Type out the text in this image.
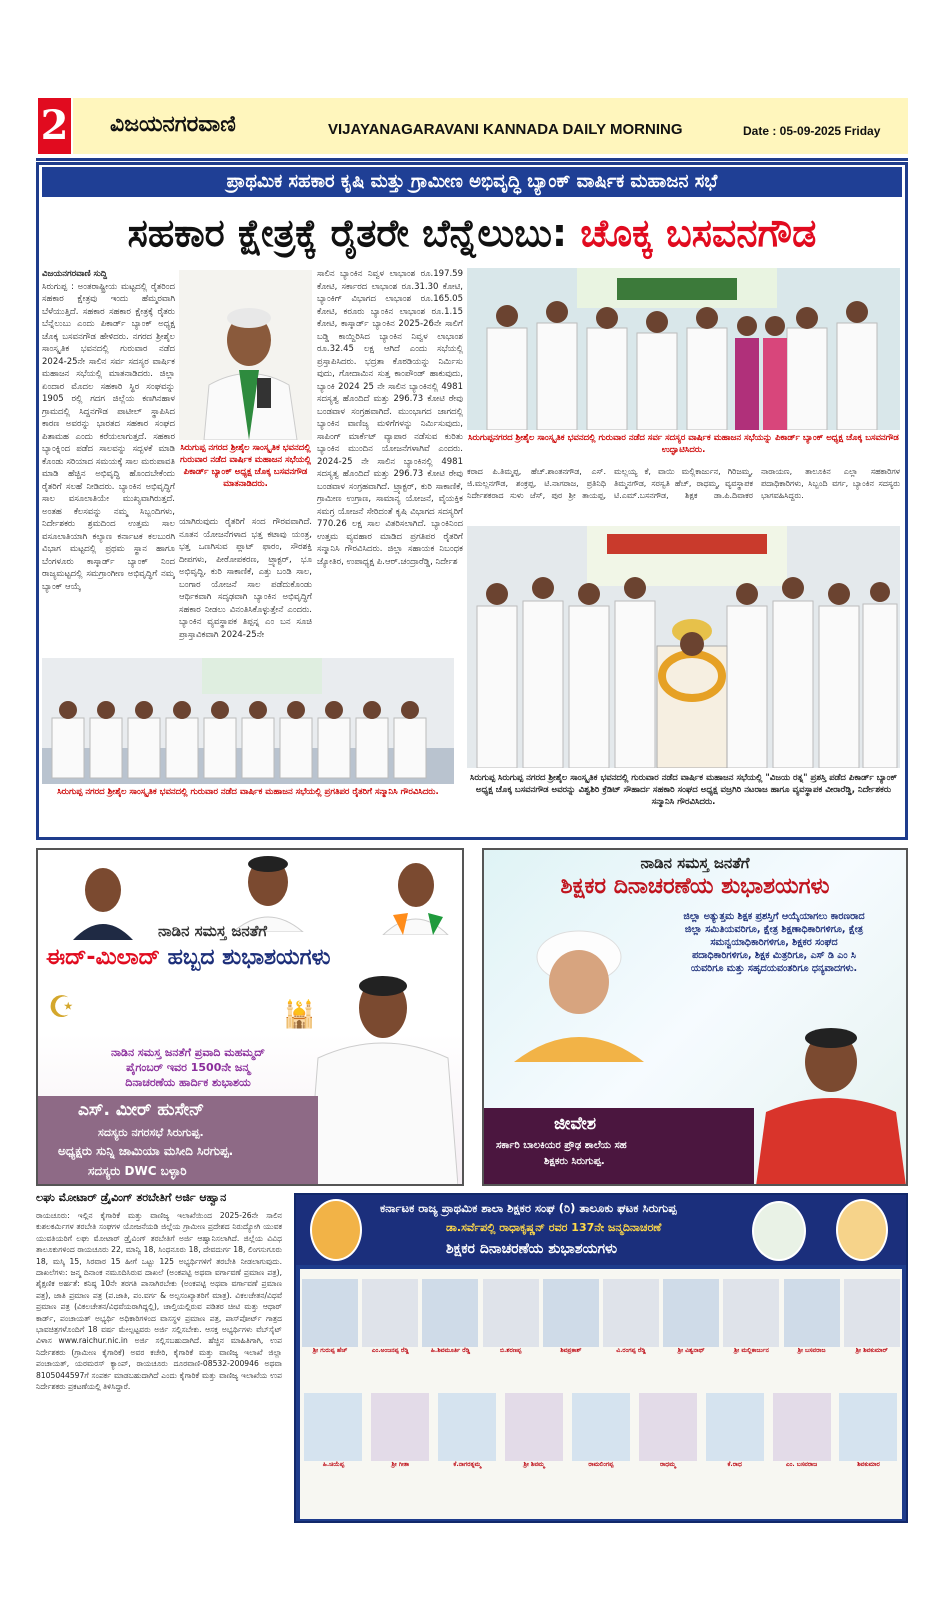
2 ವಿಜಯನಗರವಾಣಿ	VIJAYANAGARAVANI KANNADA DAILY MORNING	Date : 05-09-2025 Friday
ಪ್ರಾಥಮಿಕ ಸಹಕಾರ ಕೃಷಿ ಮತ್ತು ಗ್ರಾಮೀಣ ಅಭಿವೃದ್ಧಿ ಬ್ಯಾಂಕ್ ವಾರ್ಷಿಕ ಮಹಾಜನ ಸಭೆ
ಸಹಕಾರ ಕ್ಷೇತ್ರಕ್ಕೆ ರೈತರೇ ಬೆನ್ನೆಲುಬು: ಚೊಕ್ಕ ಬಸವನಗೌಡ

ವಿಜಯನಗರವಾಣಿ ಸುದ್ದಿ

ಸಿರುಗುಪ್ಪ : ಅಂತರಾಷ್ಟ್ರೀಯ ಮಟ್ಟದಲ್ಲಿ ರೈತರಿಂದ ಸಹಕಾರ ಕ್ಷೇತ್ರವು ಇಂದು ಹೆಮ್ಮರವಾಗಿ ಬೆಳೆಯುತ್ತಿದೆ. ಸಹಕಾರ ಸಹಕಾರ ಕ್ಷೇತ್ರಕ್ಕೆ ರೈತರು ಬೆನ್ನೆಲುಬು ಎಂದು ಪಿಕಾರ್ಡ್ ಬ್ಯಾಂಕ್ ಅಧ್ಯಕ್ಷ ಚೊಕ್ಕ ಬಸವನಗೌಡ ಹೇಳಿದರು. ನಗರದ ಶ್ರೀಶೈಲ ಸಾಂಸ್ಕೃತಿಕ ಭವನದಲ್ಲಿ ಗುರುವಾರ ನಡೆದ 2024-25ನೇ ಸಾಲಿನ ಸರ್ವ ಸದಸ್ಯರ ವಾರ್ಷಿಕ ಮಹಾಜನ ಸಭೆಯಲ್ಲಿ ಮಾತನಾಡಿದರು. ಜಿಲ್ಲಾ ಏಂದಾರ ಮೊದಲ ಸಹಕಾರಿ ಸ್ಥಿರ ಸಂಘವನ್ನು 1905 ರಲ್ಲಿ ಗದಗ ಜಿಲ್ಲೆಯ ಕಣಗಿನಹಾಳ ಗ್ರಾಮದಲ್ಲಿ ಸಿದ್ದನಗೌಡ ಪಾಟೀಲ್ ಸ್ಥಾಪಿಸಿದ ಕಾರಣ ಅವರನ್ನು ಭಾರತದ ಸಹಕಾರ ಸಂಘದ ಪಿತಾಮಹ ಎಂದು ಕರೆಯಲಾಗುತ್ತದೆ. ಸಹಕಾರ ಬ್ಯಾಂಕ್ನಿಂದ ಪಡೆದ ಸಾಲವನ್ನು ಸದ್ಬಳಕೆ ಮಾಡಿ ಕೊಂಡು ಸರಿಯಾದ ಸಮಯಕ್ಕೆ ಸಾಲ ಮರುಪಾವತಿ ಮಾಡಿ ಹೆಚ್ಚಿನ ಅಭಿವೃದ್ಧಿ ಹೊಂದಬೇಕೆಂದು ರೈತರಿಗೆ ಸಲಹೆ ನೀಡಿದರು. ಬ್ಯಾಂಕಿನ ಅಭಿವೃದ್ಧಿಗೆ ಸಾಲ ವಸೂಲಾತಿಯೇ ಮುಖ್ಯವಾಗಿರುತ್ತದೆ. ಅಂತಹ ಕೆಲಸವನ್ನು ನಮ್ಮ ಸಿಬ್ಬಂದಿಗಳು, ನಿರ್ದೇಶಕರು ಶ್ರಮದಿಂದ ಉತ್ತಮ ಸಾಲ ವಸೂಲಾತಿಯಾಗಿ ಕಲ್ಯಾಣ ಕರ್ನಾಟಕ ಕಲಬುರಗಿ ವಿಭಾಗ ಮಟ್ಟದಲ್ಲಿ ಪ್ರಥಮ ಸ್ಥಾನ ಹಾಗೂ ಬೆಂಗಳೂರು ಕಾಸ್ಕಾರ್ಡ್ ಬ್ಯಾಂಕ್ ನಿಂದ ರಾಜ್ಯಮಟ್ಟದಲ್ಲಿ ಸಮಗ್ರಾಂಗೀಣ ಅಭಿವೃದ್ಧಿಗೆ ನಮ್ಮ ಬ್ಯಾಂಕ್ ಆಯ್ಕೆ

ಸಿರುಗುಪ್ಪ ನಗರದ ಶ್ರೀಶೈಲ ಸಾಂಸ್ಕೃತಿಕ ಭವನದಲ್ಲಿ ಗುರುವಾರ ನಡೆದ ವಾರ್ಷಿಕ ಮಹಾಜನ ಸಭೆಯಲ್ಲಿ ಪಿಕಾರ್ಡ್ ಬ್ಯಾಂಕ್ ಅಧ್ಯಕ್ಷ ಚೊಕ್ಕ ಬಸವನಗೌಡ ಮಾತನಾಡಿದರು.
ಯಾಗಿರುವುದು ರೈತರಿಗೆ ಸಂದ ಗೌರವವಾಗಿದೆ. ನೂತನ ಯೋಜನೆಗಳಾದ ಭತ್ತ ಕಟಾವು ಯಂತ್ರ, ಭತ್ತ ಒಣಗಿಸುವ ಪ್ಲಾಟ್ ಫಾರಂ, ಸೌರಶಕ್ತಿ ದೀಪಗಳು, ಪೀಠೋಪಕರಣ, ಟ್ರ್ಯಾಕ್ಟರ್, ಭೂ ಅಭಿವೃದ್ಧಿ, ಕುರಿ ಸಾಕಾಣಿಕೆ, ಎತ್ತು ಬಂಡಿ ಸಾಲ, ಬಂಗಾರ ಯೋಜನೆ ಸಾಲ ಪಡೆದುಕೊಂಡು ಆರ್ಥಿಕವಾಗಿ ಸದೃಢವಾಗಿ ಬ್ಯಾಂಕಿನ ಅಭಿವೃದ್ಧಿಗೆ ಸಹಕಾರ ನೀಡಲು ವಿನಂತಿಸಿಕೊಳ್ಳುತ್ತೇನೆ ಎಂದರು. ಬ್ಯಾಂಕಿನ ವ್ಯವಸ್ಥಾಪಕ ತಿಪ್ಪನ್ನ ಎಂ ಬನ ಸೂಚಿ ಪ್ರಾಸ್ತಾವಿಕವಾಗಿ 2024-25ನೇ
ಸಾಲಿನ ಬ್ಯಾಂಕಿನ ನಿವ್ವಳ ಲಾಭಾಂಶ ರೂ.197.59 ಕೋಟಿ, ಸರ್ಕಾರದ ಲಾಭಾಂಶ ರೂ.31.30 ಕೋಟಿ, ಬ್ಯಾಂಕಿಗ್ ವಿಭಾಗದ ಲಾಭಾಂಶ ರೂ.165.05 ಕೋಟಿ, ಕರೂರು ಬ್ಯಾಂಕಿನ ಲಾಭಾಂಶ ರೂ.1.15 ಕೋಟಿ, ಕಾಸ್ಕಾರ್ಡ್ ಬ್ಯಾಂಕಿನ 2025-26ನೇ ಸಾಲಿಗೆ ಬಡ್ಡಿ ಕಾಯ್ದಿರಿಸಿದ ಬ್ಯಾಂಕಿನ ನಿವ್ವಳ ಲಾಭಾಂಶ ರೂ.32.45 ಲಕ್ಷ ಆಗಿದೆ ಎಂದು ಸಭೆಯಲ್ಲಿ ಪ್ರಸ್ತಾಪಿಸಿದರು. ಭದ್ರತಾ ಕೊಠಡಿಯನ್ನು ನಿರ್ಮಿಸು ವುದು, ಗೋದಾಮಿನ ಸುತ್ತ ಕಾಂಪೌಂಡ್ ಹಾಕುವುದು, ಬ್ಯಾಂಕಿ 2024 25 ನೇ ಸಾಲಿನ ಬ್ಯಾಂಕಿನಲ್ಲಿ 4981 ಸದಸ್ಯತ್ವ ಹೊಂದಿದೆ ಮತ್ತು 296.73 ಕೋಟಿ ಠೇವು ಬಂಡವಾಳ ಸಂಗ್ರಹವಾಗಿದೆ. ಮುಂಭಾಗದ ಜಾಗದಲ್ಲಿ ಬ್ಯಾಂಕಿನ ವಾಣಿಜ್ಯ ಮಳಿಗೆಗಳನ್ನು ನಿರ್ಮಿಸುವುದು, ಸಾಪಿಂಗ್ ಮಾರ್ಕೆಟ್ ವ್ಯಾಪಾರ ನಡೆಸುವ ಕುರಿತು ಬ್ಯಾಂಕಿನ ಮುಂದಿನ ಯೋಜನೆಗಳಾಗಿವೆ ಎಂದರು. 2024-25 ನೇ ಸಾಲಿನ ಬ್ಯಾಂಕಿನಲ್ಲಿ 4981 ಸದಸ್ಯತ್ವ ಹೊಂದಿದೆ ಮತ್ತು 296.73 ಕೋಟಿ ಠೇವು ಬಂಡವಾಳ ಸಂಗ್ರಹವಾಗಿದೆ. ಟ್ರ್ಯಾಕ್ಟರ್, ಕುರಿ ಸಾಕಾಣಿಕೆ, ಗ್ರಾಮೀಣ ಉಗ್ರಾಣ, ಸಾಮಾನ್ಯ ಯೋಜನೆ, ವೈಯಕ್ತಿಕ ಸಮಗ್ರ ಯೋಜನೆ ಸೇರಿದಂತೆ ಕೃಷಿ ವಿಭಾಗದ ಸದಸ್ಯರಿಗೆ 770.26 ಲಕ್ಷ ಸಾಲ ವಿತರಿಸಲಾಗಿದೆ. ಬ್ಯಾಂಕಿನಿಂದ ಉತ್ತಮ ವ್ಯವಹಾರ ಮಾಡಿದ ಪ್ರಗತಿಪರ ರೈತರಿಗೆ ಸನ್ಮಾನಿಸಿ ಗೌರವಿಸಿದರು. ಜಿಲ್ಲಾ ಸಹಾಯಕ ನಿಬಂಧಕ ಜ್ಯೋತಿರ, ಉಪಾಧ್ಯಕ್ಷ ಪಿ.ಆರ್.ಚಂದ್ರಾರೆಡ್ಡಿ, ನಿರ್ದೇಶ
ಸಿರುಗುಪ್ಪನಗರದ ಶ್ರೀಶೈಲ ಸಾಂಸ್ಕೃತಿಕ ಭವನದಲ್ಲಿ ಗುರುವಾರ ನಡೆದ ಸರ್ವ ಸದಸ್ಯರ ವಾರ್ಷಿಕ ಮಹಾಜನ ಸಭೆಯನ್ನು ಪಿಕಾರ್ಡ್ ಬ್ಯಾಂಕ್ ಅಧ್ಯಕ್ಷ ಚೊಕ್ಕ ಬಸವನಗೌಡ ಉದ್ಘಾಟಿಸಿದರು.
ಕರಾದ ಪಿ.ತಿಮ್ಮಪ್ಪ, ಹೆಚ್.ಶಾಂತನಗೌಡ, ಎಸ್. ಜಿ.ಮಲ್ಲನಗೌಡ, ಶಂಕ್ರಪ್ಪ, ಟಿ.ನಾಗರಾಜ, ಪ್ರತಿನಿಧಿ ನಿರ್ದೇಶಕರಾದ ಸುಳು ಜೆಸ್, ಪುರ ಶ್ರೀ ತಾಯಪ್ಪ, ಮಲ್ಲಯ್ಯ ಕೆ, ವಾಯಿ ಮಲ್ಲಿಕಾರ್ಜುನ, ಗಿರಿಜಮ್ಮ, ತಿಮ್ಮನಗೌಡ, ಸರಸ್ವತಿ ಹೆಚ್, ರಾಧಮ್ಮ, ವ್ಯವಸ್ಥಾಪಕ ಟಿ.ಎಮ್.ಬಸನಗೌಡ, ಶಿಕ್ಷಕ ಡಾ.ಪಿ.ದಿವಾಕರ ನಾರಾಯಣ, ತಾಲೂಕಿನ ಎಲ್ಲಾ ಸಹಕಾರಿಗಳ ಪದಾಧಿಕಾರಿಗಳು, ಸಿಬ್ಬಂದಿ ವರ್ಗ, ಬ್ಯಾಂಕಿನ ಸದಸ್ಯರು ಭಾಗವಹಿಸಿದ್ದರು.
ಸಿರುಗುಪ್ಪ ನಗರದ ಶ್ರೀಶೈಲ ಸಾಂಸ್ಕೃತಿಕ ಭವನದಲ್ಲಿ ಗುರುವಾರ ನಡೆದ ವಾರ್ಷಿಕ ಮಹಾಜನ ಸಭೆಯಲ್ಲಿ ಪ್ರಗತಿಪರ ರೈತರಿಗೆ ಸನ್ಮಾನಿಸಿ ಗೌರವಿಸಿದರು.
ಸಿರುಗುಪ್ಪ ಸಿರುಗುಪ್ಪ ನಗರದ ಶ್ರೀಶೈಲ ಸಾಂಸ್ಕೃತಿಕ ಭವನದಲ್ಲಿ ಗುರುವಾರ ನಡೆದ ವಾರ್ಷಿಕ ಮಹಾಜನ ಸಭೆಯಲ್ಲಿ "ವಿಜಯ ರತ್ನ" ಪ್ರಶಸ್ತಿ ಪಡೆದ ಪಿಕಾರ್ಡ್ ಬ್ಯಾಂಕ್ ಅಧ್ಯಕ್ಷ ಚೊಕ್ಕ ಬಸವನಗೌಡ ಅವರನ್ನು ವಿಶ್ವಶಿರಿ ಕ್ರೆಡಿಟ್ ಸೌಹಾರ್ದ ಸಹಕಾರಿ ಸಂಘದ ಅಧ್ಯಕ್ಷ ವಜ್ರಗಿರಿ ನಟರಾಜ ಹಾಗೂ ವ್ಯವಸ್ಥಾಪಕ ವೀರಾರೆಡ್ಡಿ, ನಿರ್ದೇಶಕರು ಸನ್ಮಾನಿಸಿ ಗೌರವಿಸಿದರು.
ನಾಡಿನ ಸಮಸ್ತ ಜನತೆಗೆ
ಈದ್-ಮಿಲಾದ್ ಹಬ್ಬದ ಶುಭಾಶಯಗಳು
☪	🕌
ನಾಡಿನ ಸಮಸ್ತ ಜನತೆಗೆ ಪ್ರವಾದಿ ಮಹಮ್ಮದ್
ಪೈಗಂಬರ್ ಇವರ 1500ನೇ ಜನ್ಮ
ದಿನಾಚರಣೆಯ ಹಾರ್ದಿಕ ಶುಭಾಶಯ
ಎಸ್. ಮೀರ್ ಹುಸೇನ್
ಸದಸ್ಯರು ನಗರಸಭೆ ಸಿರುಗುಪ್ಪ.
ಅಧ್ಯಕ್ಷರು ಸುನ್ನಿ ಜಾಮಿಯಾ ಮಸೀದಿ ಸಿರಗುಪ್ಪ.
ಸದಸ್ಯರು DWC ಬಳ್ಳಾರಿ
ನಾಡಿನ ಸಮಸ್ತ ಜನತೆಗೆ
ಶಿಕ್ಷಕರ ದಿನಾಚರಣೆಯ ಶುಭಾಶಯಗಳು
ಜಿಲ್ಲಾ ಅತ್ಯುತ್ತಮ ಶಿಕ್ಷಕ ಪ್ರಶಸ್ತಿಗೆ ಆಯ್ಕೆಯಾಗಲು ಕಾರಣರಾದ ಜಿಲ್ಲಾ ಸಮಿತಿಯವರಿಗೂ, ಕ್ಷೇತ್ರ ಶಿಕ್ಷಣಾಧಿಕಾರಿಗಳಿಗೂ, ಕ್ಷೇತ್ರ ಸಮನ್ವಯಾಧಿಕಾರಿಗಳಿಗೂ, ಶಿಕ್ಷಕರ ಸಂಘದ ಪದಾಧಿಕಾರಿಗಳಿಗೂ, ಶಿಕ್ಷಕ ಮಿತ್ರರಿಗೂ, ಎಸ್ ಡಿ ಎಂ ಸಿ ಯವರಿಗೂ ಮತ್ತು ಸಹೃದಯವಂತರಿಗೂ ಧನ್ಯವಾದಗಳು.
ಜೀವೇಶ
ಸರ್ಕಾರಿ ಬಾಲಕಿಯರ ಪ್ರೌಢ ಶಾಲೆಯ ಸಹ
ಶಿಕ್ಷಕರು ಸಿರುಗುಪ್ಪ.
ಲಘು ಮೋಟಾರ್ ಡ್ರೈವಿಂಗ್ ತರಬೇತಿಗೆ ಅರ್ಜಿ ಆಹ್ವಾನ
ರಾಯಚೂರು: ಇಲ್ಲಿನ ಕೈಗಾರಿಕೆ ಮತ್ತು ವಾಣಿಜ್ಯ ಇಲಾಖೆಯಿಂದ 2025-26ನೇ ಸಾಲಿನ ಕುಶಲಕರ್ಮಿಗಳ ತರಬೇತಿ ಸಂಘಗಳ ಯೋಜನೆಯಡಿ ಜಿಲ್ಲೆಯ ಗ್ರಾಮೀಣ ಪ್ರದೇಶದ ನಿರುದ್ಯೋಗಿ ಯುವಕ ಯುವತಿಯರಿಗೆ ಲಘು ಮೋಟಾರ್ ಡ್ರೈವಿಂಗ್ ತರಬೇತಿಗೆ ಅರ್ಜಿ ಆಹ್ವಾನಿಸಲಾಗಿದೆ. ಜಿಲ್ಲೆಯ ವಿವಿಧ ತಾಲೂಕುಗಳಿಂದ ರಾಯಚೂರು 22, ಮಾನ್ವಿ 18, ಸಿಂಧನೂರು 18, ದೇವದುರ್ಗ 18, ಲಿಂಗಸುಗೂರು 18, ಮಸ್ಕಿ 15, ಸಿರವಾರ 15 ಹೀಗೆ ಒಟ್ಟು 125 ಅಭ್ಯರ್ಥಿಗಳಿಗೆ ತರಬೇತಿ ನೀಡಲಾಗುವುದು. ದಾಖಲೆಗಳು: ಜನ್ಮ ದಿನಾಂಕ ನಮೂದಿಸಿರುವ ದಾಖಲೆ (ಅಂಕಪಟ್ಟಿ ಅಥವಾ ವರ್ಗಾವಣೆ ಪ್ರಮಾಣ ಪತ್ರ), ಶೈಕ್ಷಣಿಕ ಅರ್ಹತೆ: ಕನಿಷ್ಠ 10ನೇ ತರಗತಿ ಪಾಸಾಗಿರಬೇಕು (ಅಂಕಪಟ್ಟಿ ಅಥವಾ ವರ್ಗಾವಣೆ ಪ್ರಮಾಣ ಪತ್ರ), ಜಾತಿ ಪ್ರಮಾಣ ಪತ್ರ (ಪ.ಜಾತಿ, ಪಂ.ವರ್ಗ & ಅಲ್ಪಸಂಖ್ಯಾತರಿಗೆ ಮಾತ್ರ). ವಿಕಲಚೇತನ/ವಿಧವೆ ಪ್ರಮಾಣ ಪತ್ರ (ವಿಕಲಚೇತನ/ವಿಧವೆಯರಾಗಿದ್ದಲ್ಲಿ), ಚಾಲ್ತಿಯಲ್ಲಿರುವ ಪಡಿತರ ಚೀಟಿ ಮತ್ತು ಆಧಾರ್ ಕಾರ್ಡ್, ಪಂಚಾಯತ್ ಅಭ್ಯರ್ಥಿ ಅಧಿಕಾರಿಗಳಿಂದ ವಾಸಸ್ಥಳ ಪ್ರಮಾಣ ಪತ್ರ, ಪಾಸ್‌ಪೋರ್ಟ್ ಗಾತ್ರದ ಭಾವಚಿತ್ರಗಳೊಂದಿಗೆ 18 ವರ್ಷ ಮೇಲ್ಪಟ್ಟವರು ಅರ್ಜಿ ಸಲ್ಲಿಸಬೇಕು. ಆಸಕ್ತ ಅಭ್ಯರ್ಥಿಗಳು ವೆಬ್‌ಸೈಟ್ ವಿಳಾಸ www.raichur.nic.in ಅರ್ಜಿ ಸಲ್ಲಿಸಬಹುದಾಗಿದೆ. ಹೆಚ್ಚಿನ ಮಾಹಿತಿಗಾಗಿ, ಉಪ ನಿರ್ದೇಶಕರು (ಗ್ರಾಮೀಣ ಕೈಗಾರಿಕೆ) ಅವರ ಕಚೇರಿ, ಕೈಗಾರಿಕೆ ಮತ್ತು ವಾಣಿಜ್ಯ ಇಲಾಖೆ ಜಿಲ್ಲಾ ಪಂಚಾಯತ್, ಯರಮರಸ್ ಕ್ಯಾಂಪ್, ರಾಯಚೂರು ದೂರವಾಣಿ-08532-200946 ಅಥವಾ 8105044597ಗೆ ಸಂಪರ್ಕ ಮಾಡಬಹುದಾಗಿದೆ ಎಂದು ಕೈಗಾರಿಕೆ ಮತ್ತು ವಾಣಿಜ್ಯ ಇಲಾಖೆಯ ಉಪ ನಿರ್ದೇಶಕರು ಪ್ರಕಟಣೆಯಲ್ಲಿ ತಿಳಿಸಿದ್ದಾರೆ.
ಕರ್ನಾಟಕ ರಾಜ್ಯ ಪ್ರಾಥಮಿಕ ಶಾಲಾ ಶಿಕ್ಷಕರ ಸಂಘ (ರಿ) ತಾಲೂಕು ಘಟಕ ಸಿರುಗುಪ್ಪ
ಡಾ.ಸರ್ವೆಪಲ್ಲಿ ರಾಧಾಕೃಷ್ಣನ್ ರವರ 137ನೇ ಜನ್ಮದಿನಾಚರಣೆ
ಶಿಕ್ಷಕರ ದಿನಾಚರಣೆಯ ಶುಭಾಶಯಗಳು
ಶ್ರೀ ಗುರುಪ್ಪ ಹೆಚ್	ಎಂ.ಅಂಜನಪ್ಪ ರೆಡ್ಡಿ	ಹಿ.ಶಿವಮೂರ್ತಿ ರೆಡ್ಡಿ	ಬಿ.ಶರಣಪ್ಪ	ಶಿವಪ್ರಕಾಶ್	ವಿ.ರಂಗಪ್ಪ ರೆಡ್ಡಿ	ಶ್ರೀ ವಿಶ್ವನಾಥ್	ಶ್ರೀ ಮಲ್ಲಿಕಾರ್ಜುನ	ಶ್ರೀ ಬಸವರಾಜ	ಶ್ರೀ ಶಿವಕುಮಾರ್
ಹಿ.ಚಿಯೆಪ್ಪ	ಶ್ರೀ ಗೀತಾ	ಕೆ.ನಾಗರತ್ನಮ್ಮ	ಶ್ರೀ ಶಿವಮ್ಮ	ರಾಮಲಿಂಗಪ್ಪ	ರಾಧಮ್ಮ	ಕೆ.ರಾಧ	ಎಂ. ಬಸವರಾಜ	ಶಿವಕುಮಾರ
